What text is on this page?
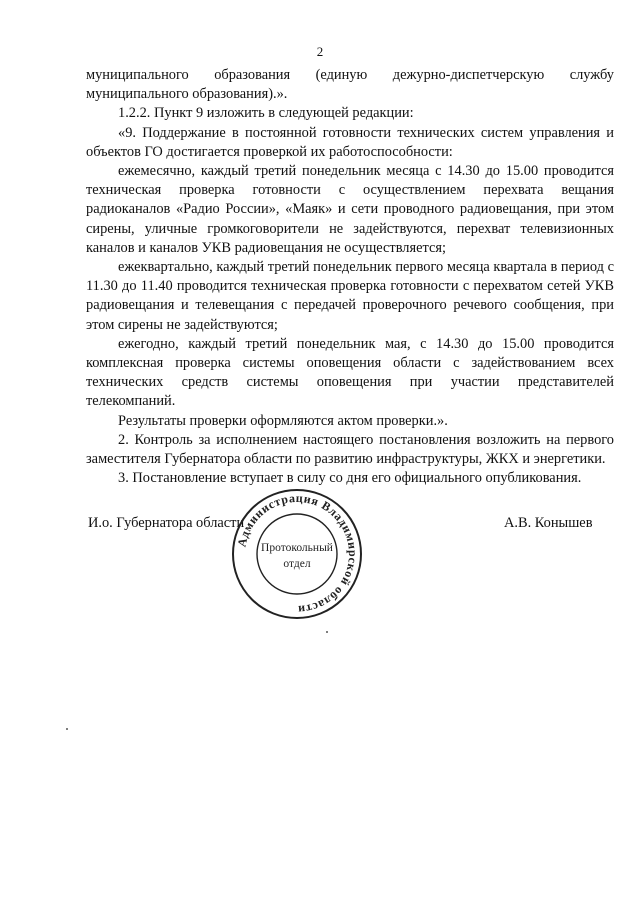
2

муниципального образования (единую дежурно-диспетчерскую службу

муниципального образования).».

1.2.2. Пункт 9 изложить в следующей редакции:

«9. Поддержание в постоянной готовности технических систем управления и объектов ГО достигается проверкой их работоспособности:

ежемесячно, каждый третий понедельник месяца с 14.30 до 15.00 проводится техническая проверка готовности с осуществлением перехвата вещания радиоканалов «Радио России», «Маяк» и сети проводного радиовещания, при этом сирены, уличные громкоговорители не задействуются, перехват телевизионных каналов и каналов УКВ радиовещания не осуществляется;

ежеквартально, каждый третий понедельник первого месяца квартала в период с 11.30 до 11.40 проводится техническая проверка готовности с перехватом сетей УКВ радиовещания и телевещания с передачей проверочного речевого сообщения, при этом сирены не задействуются;

ежегодно, каждый третий понедельник мая, с 14.30 до 15.00 проводится комплексная проверка системы оповещения области с задействованием всех технических средств системы оповещения при участии представителей телекомпаний.

Результаты проверки оформляются актом проверки.».

2. Контроль за исполнением настоящего постановления возложить на первого заместителя Губернатора области по развитию инфраструктуры, ЖКХ и энергетики.

3. Постановление вступает в силу со дня его официального опубликования.

И.о. Губернатора области
Администрация Владимирской области
Протокольный
отдел
А.В. Конышев
